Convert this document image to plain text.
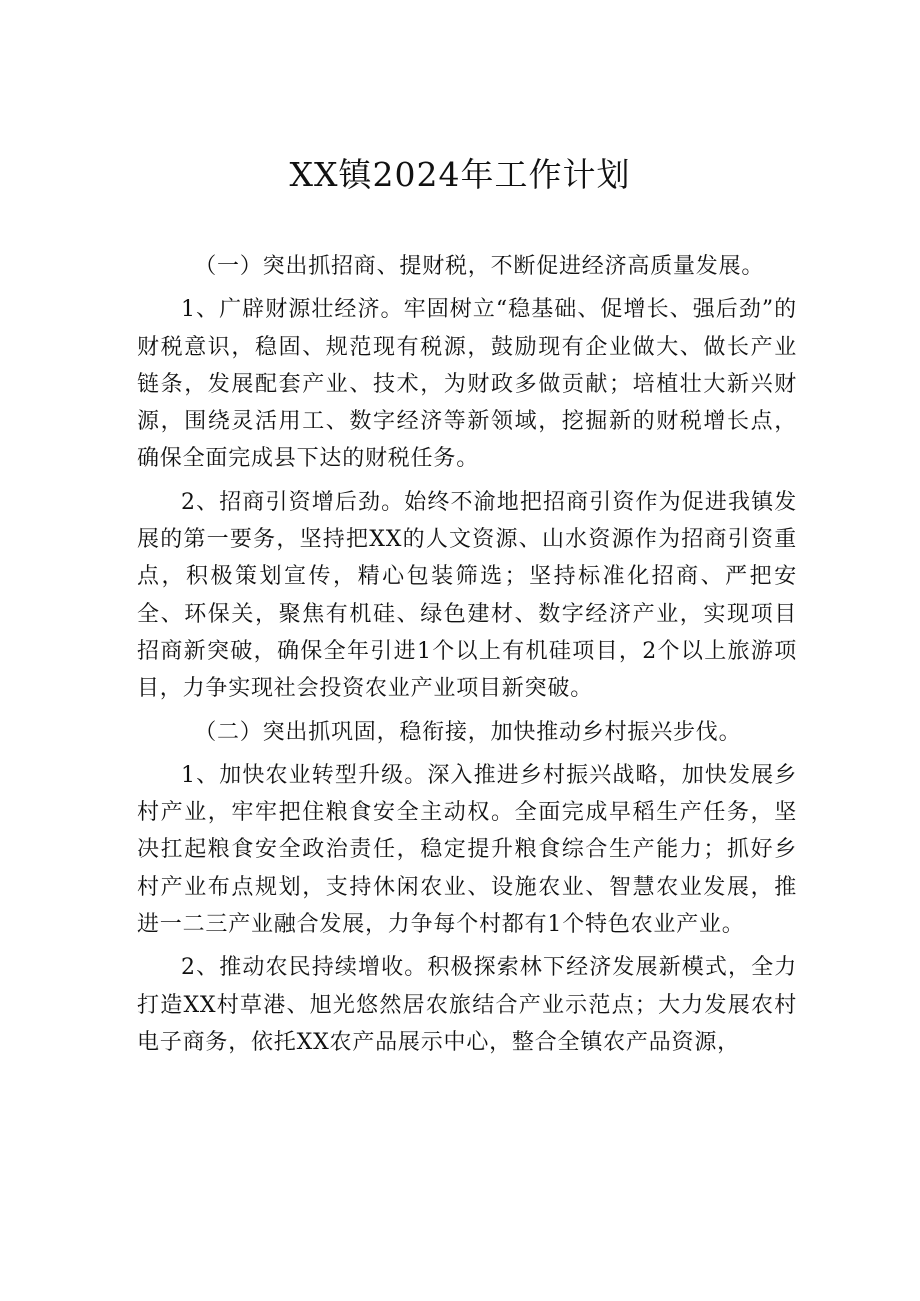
XX镇2024年工作计划

（一）突出抓招商、提财税，不断促进经济高质量发展。

1、广辟财源壮经济。牢固树立“稳基础、促增长、强后劲”的财税意识，稳固、规范现有税源，鼓励现有企业做大、做长产业链条，发展配套产业、技术，为财政多做贡献；培植壮大新兴财源，围绕灵活用工、数字经济等新领域，挖掘新的财税增长点，确保全面完成县下达的财税任务。

2、招商引资增后劲。始终不渝地把招商引资作为促进我镇发展的第一要务，坚持把XX的人文资源、山水资源作为招商引资重点，积极策划宣传，精心包装筛选；坚持标准化招商、严把安全、环保关，聚焦有机硅、绿色建材、数字经济产业，实现项目招商新突破，确保全年引进1个以上有机硅项目，2个以上旅游项目，力争实现社会投资农业产业项目新突破。

（二）突出抓巩固，稳衔接，加快推动乡村振兴步伐。

1、加快农业转型升级。深入推进乡村振兴战略，加快发展乡村产业，牢牢把住粮食安全主动权。全面完成早稻生产任务，坚决扛起粮食安全政治责任，稳定提升粮食综合生产能力；抓好乡村产业布点规划，支持休闲农业、设施农业、智慧农业发展，推进一二三产业融合发展，力争每个村都有1个特色农业产业。

2、推动农民持续增收。积极探索林下经济发展新模式，全力打造XX村草港、旭光悠然居农旅结合产业示范点；大力发展农村电子商务，依托XX农产品展示中心，整合全镇农产品资源，
